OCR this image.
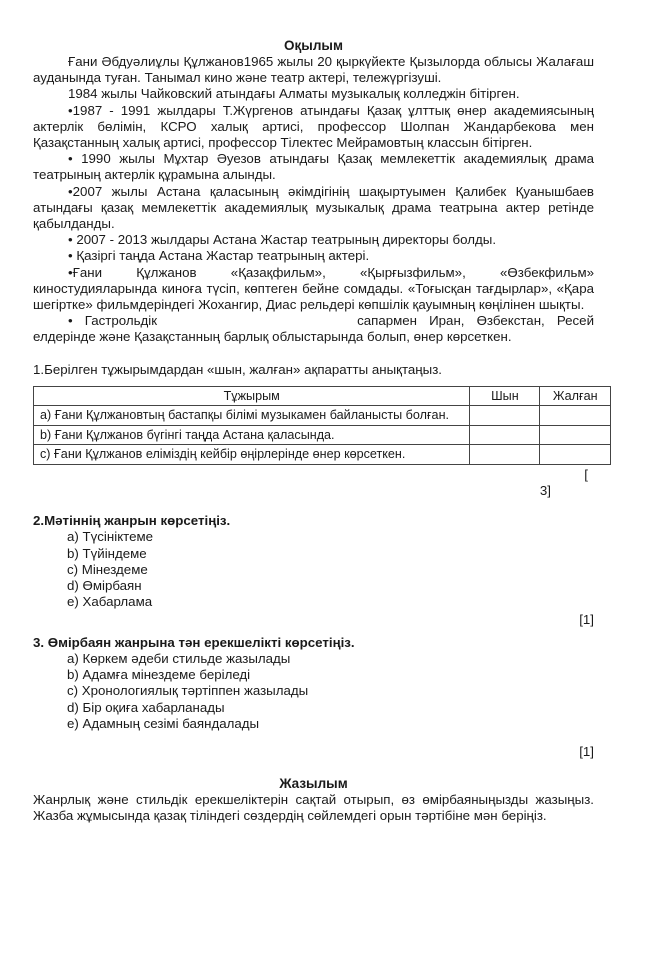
Оқылым

Ғани Әбдуәлиұлы Құлжанов1965 жылы 20 қыркүйекте Қызылорда облысы Жалағаш ауданында туған. Танымал кино және театр актері, тележүргізуші.

1984 жылы Чайковский атындағы Алматы музыкалық колледжін бітірген.

•1987 - 1991 жылдары Т.Жүргенов атындағы Қазақ ұлттық өнер академиясының актерлік бөлімін, КСРО халық артисі, профессор Шолпан Жандарбекова мен Қазақстанның халық артисі, профессор Тілектес Мейрамовтың классын бітірген.

• 1990 жылы Мұхтар Әуезов атындағы Қазақ мемлекеттік академиялық драма театрының актерлік құрамына алынды.

•2007 жылы Астана қаласының әкімдігінің шақыртуымен Қалибек Қуанышбаев атындағы қазақ мемлекеттік академиялық музыкалық драма театрына актер ретінде қабылданды.

• 2007 - 2013 жылдары Астана Жастар театрының директоры болды.

• Қазіргі таңда Астана Жастар театрының актері.

•Ғани Құлжанов «Қазақфильм», «Қырғызфильм», «Өзбекфильм» киностудияларында киноға түсіп, көптеген бейне сомдады. «Тоғысқан тағдырлар», «Қара шегіртке» фильмдеріндегі Жохангир, Диас рельдері көпшілік қауымның көңілінен шықты.

• Гастрольдік	сапармен Иран, Өзбекстан, Ресей елдерінде және Қазақстанның барлық облыстарында болып, өнер көрсеткен.

1.Берілген тұжырымдардан «шын, жалған» ақпаратты анықтаңыз.

Тұжырым	Шын	Жалған
a) Ғани Құлжановтың бастапқы білімі музыкамен байланысты болған.		
b) Ғани Құлжанов бүгінгі таңда Астана қаласында.		
c) Ғани Құлжанов еліміздің кейбір өңірлерінде өнер көрсеткен.		

[

3]

2.Мәтіннің жанрын көрсетіңіз.

a) Түсініктеме
b) Түйіндеме
c) Мінездеме
d) Өмірбаян
e) Хабарлама

[1]

3. Өмірбаян жанрына тән ерекшелікті көрсетіңіз.

a) Көркем әдеби стильде жазылады
b) Адамға мінездеме беріледі
c) Хронологиялық тәртіппен жазылады
d) Бір оқиға хабарланады
e) Адамның сезімі баяндалады

[1]

Жазылым

Жанрлық және стильдік ерекшеліктерін сақтай отырып, өз өмірбаяныңызды жазыңыз. Жазба жұмысында қазақ тіліндегі сөздердің сөйлемдегі орын тәртібіне мән беріңіз.
